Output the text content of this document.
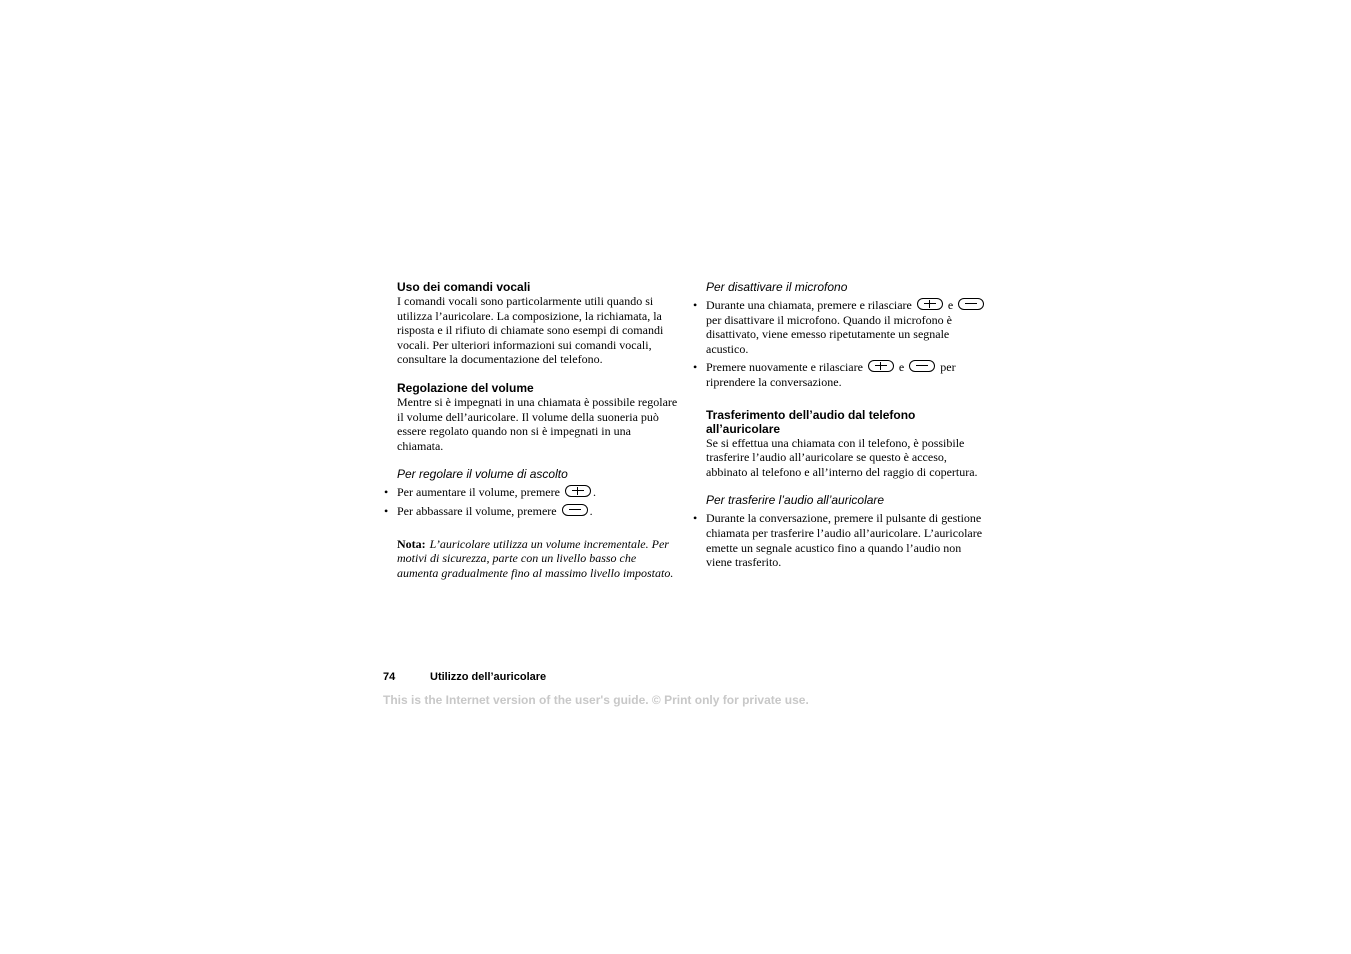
Uso dei comandi vocali

I comandi vocali sono particolarmente utili quando si utilizza l’auricolare. La composizione, la richiamata, la risposta e il rifiuto di chiamate sono esempi di comandi vocali. Per ulteriori informazioni sui comandi vocali, consultare la documentazione del telefono.

Regolazione del volume

Mentre si è impegnati in una chiamata è possibile regolare il volume dell’auricolare. Il volume della suoneria può essere regolato quando non si è impegnati in una chiamata.

Per regolare il volume di ascolto
• Per aumentare il volume, premere	.
• Per abbassare il volume, premere	.

Nota: L’auricolare utilizza un volume incrementale. Per motivi di sicurezza, parte con un livello basso che aumenta gradualmente fino al massimo livello impostato.

Per disattivare il microfono
• Durante una chiamata, premere e rilasciare	e  per disattivare il microfono. Quando il microfono è disattivato, viene emesso ripetutamente un segnale acustico.
• Premere nuovamente e rilasciare	e	per riprendere la conversazione.
Trasferimento dell’audio dal telefono all’auricolare

Se si effettua una chiamata con il telefono, è possibile trasferire l’audio all’auricolare se questo è acceso, abbinato al telefono e all’interno del raggio di copertura.

Per trasferire l’audio all’auricolare
• Durante la conversazione, premere il pulsante di gestione chiamata per trasferire l’audio all’auricolare. L’auricolare emette un segnale acustico fino a quando l’audio non viene trasferito.
74	Utilizzo dell’auricolare
This is the Internet version of the user's guide. © Print only for private use.
